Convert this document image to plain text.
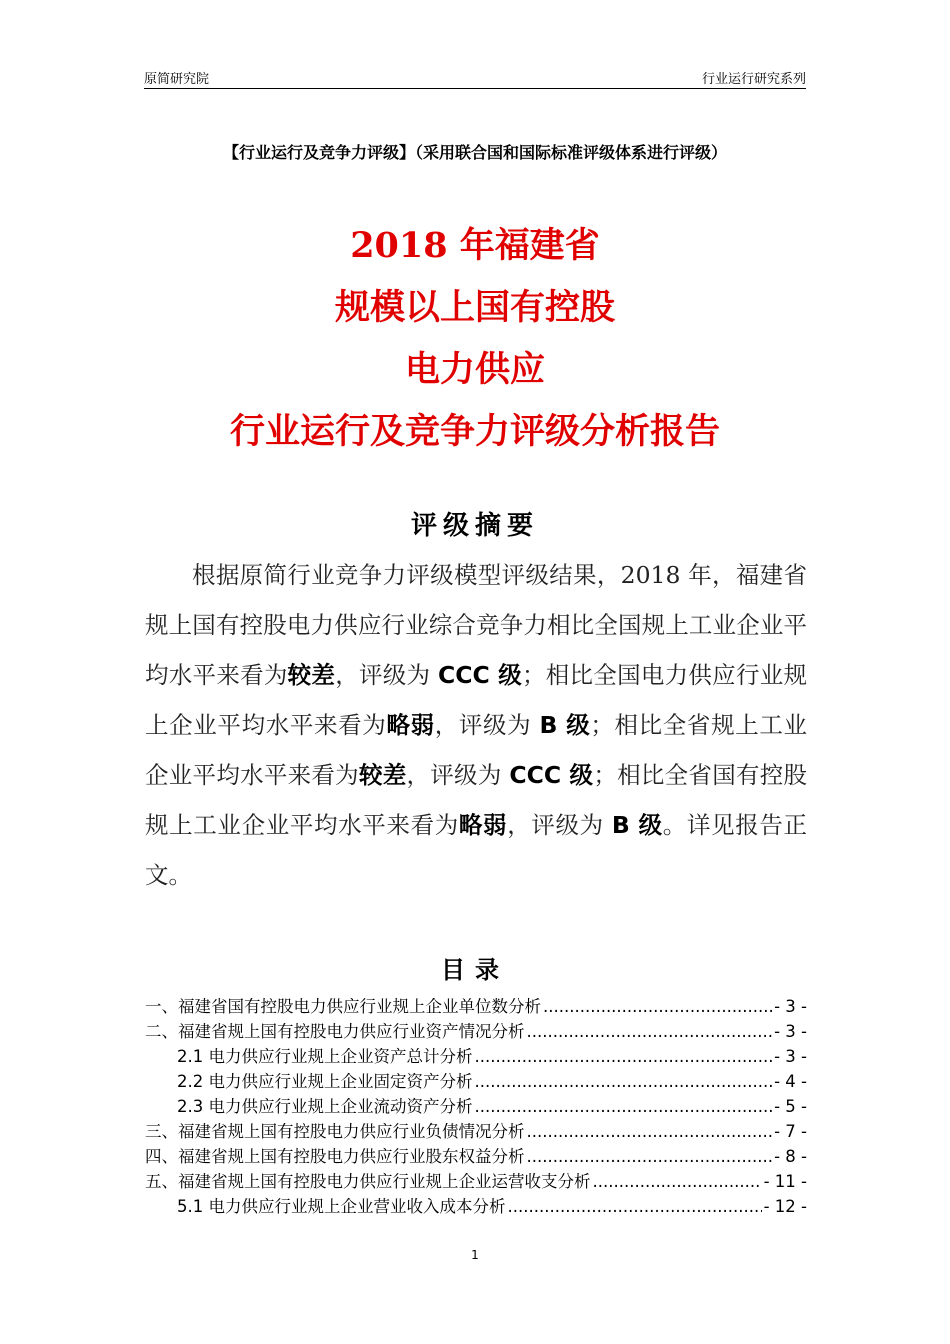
原简研究院	行业运行研究系列
【行业运行及竞争力评级】（采用联合国和国际标准评级体系进行评级）
2018 年福建省
规模以上国有控股
电力供应
行业运行及竞争力评级分析报告
评级摘要
根据原简行业竞争力评级模型评级结果，2018 年，福建省规上国有控股电力供应行业综合竞争力相比全国规上工业企业平均水平来看为较差，评级为 CCC 级；相比全国电力供应行业规上企业平均水平来看为略弱，评级为 B 级；相比全省规上工业企业平均水平来看为较差，评级为 CCC 级；相比全省国有控股规上工业企业平均水平来看为略弱，评级为 B 级。详见报告正文。
目录
一、福建省国有控股电力供应行业规上企业单位数分析 .....	- 3 -
二、福建省规上国有控股电力供应行业资产情况分析 .....	- 3 -
2.1 电力供应行业规上企业资产总计分析 .....	- 3 -
2.2 电力供应行业规上企业固定资产分析 .....	- 4 -
2.3 电力供应行业规上企业流动资产分析 .....	- 5 -
三、福建省规上国有控股电力供应行业负债情况分析 .....	- 7 -
四、福建省规上国有控股电力供应行业股东权益分析 .....	- 8 -
五、福建省规上国有控股电力供应行业规上企业运营收支分析 .....	- 11 -
5.1 电力供应行业规上企业营业收入成本分析 .....	- 12 -
1
